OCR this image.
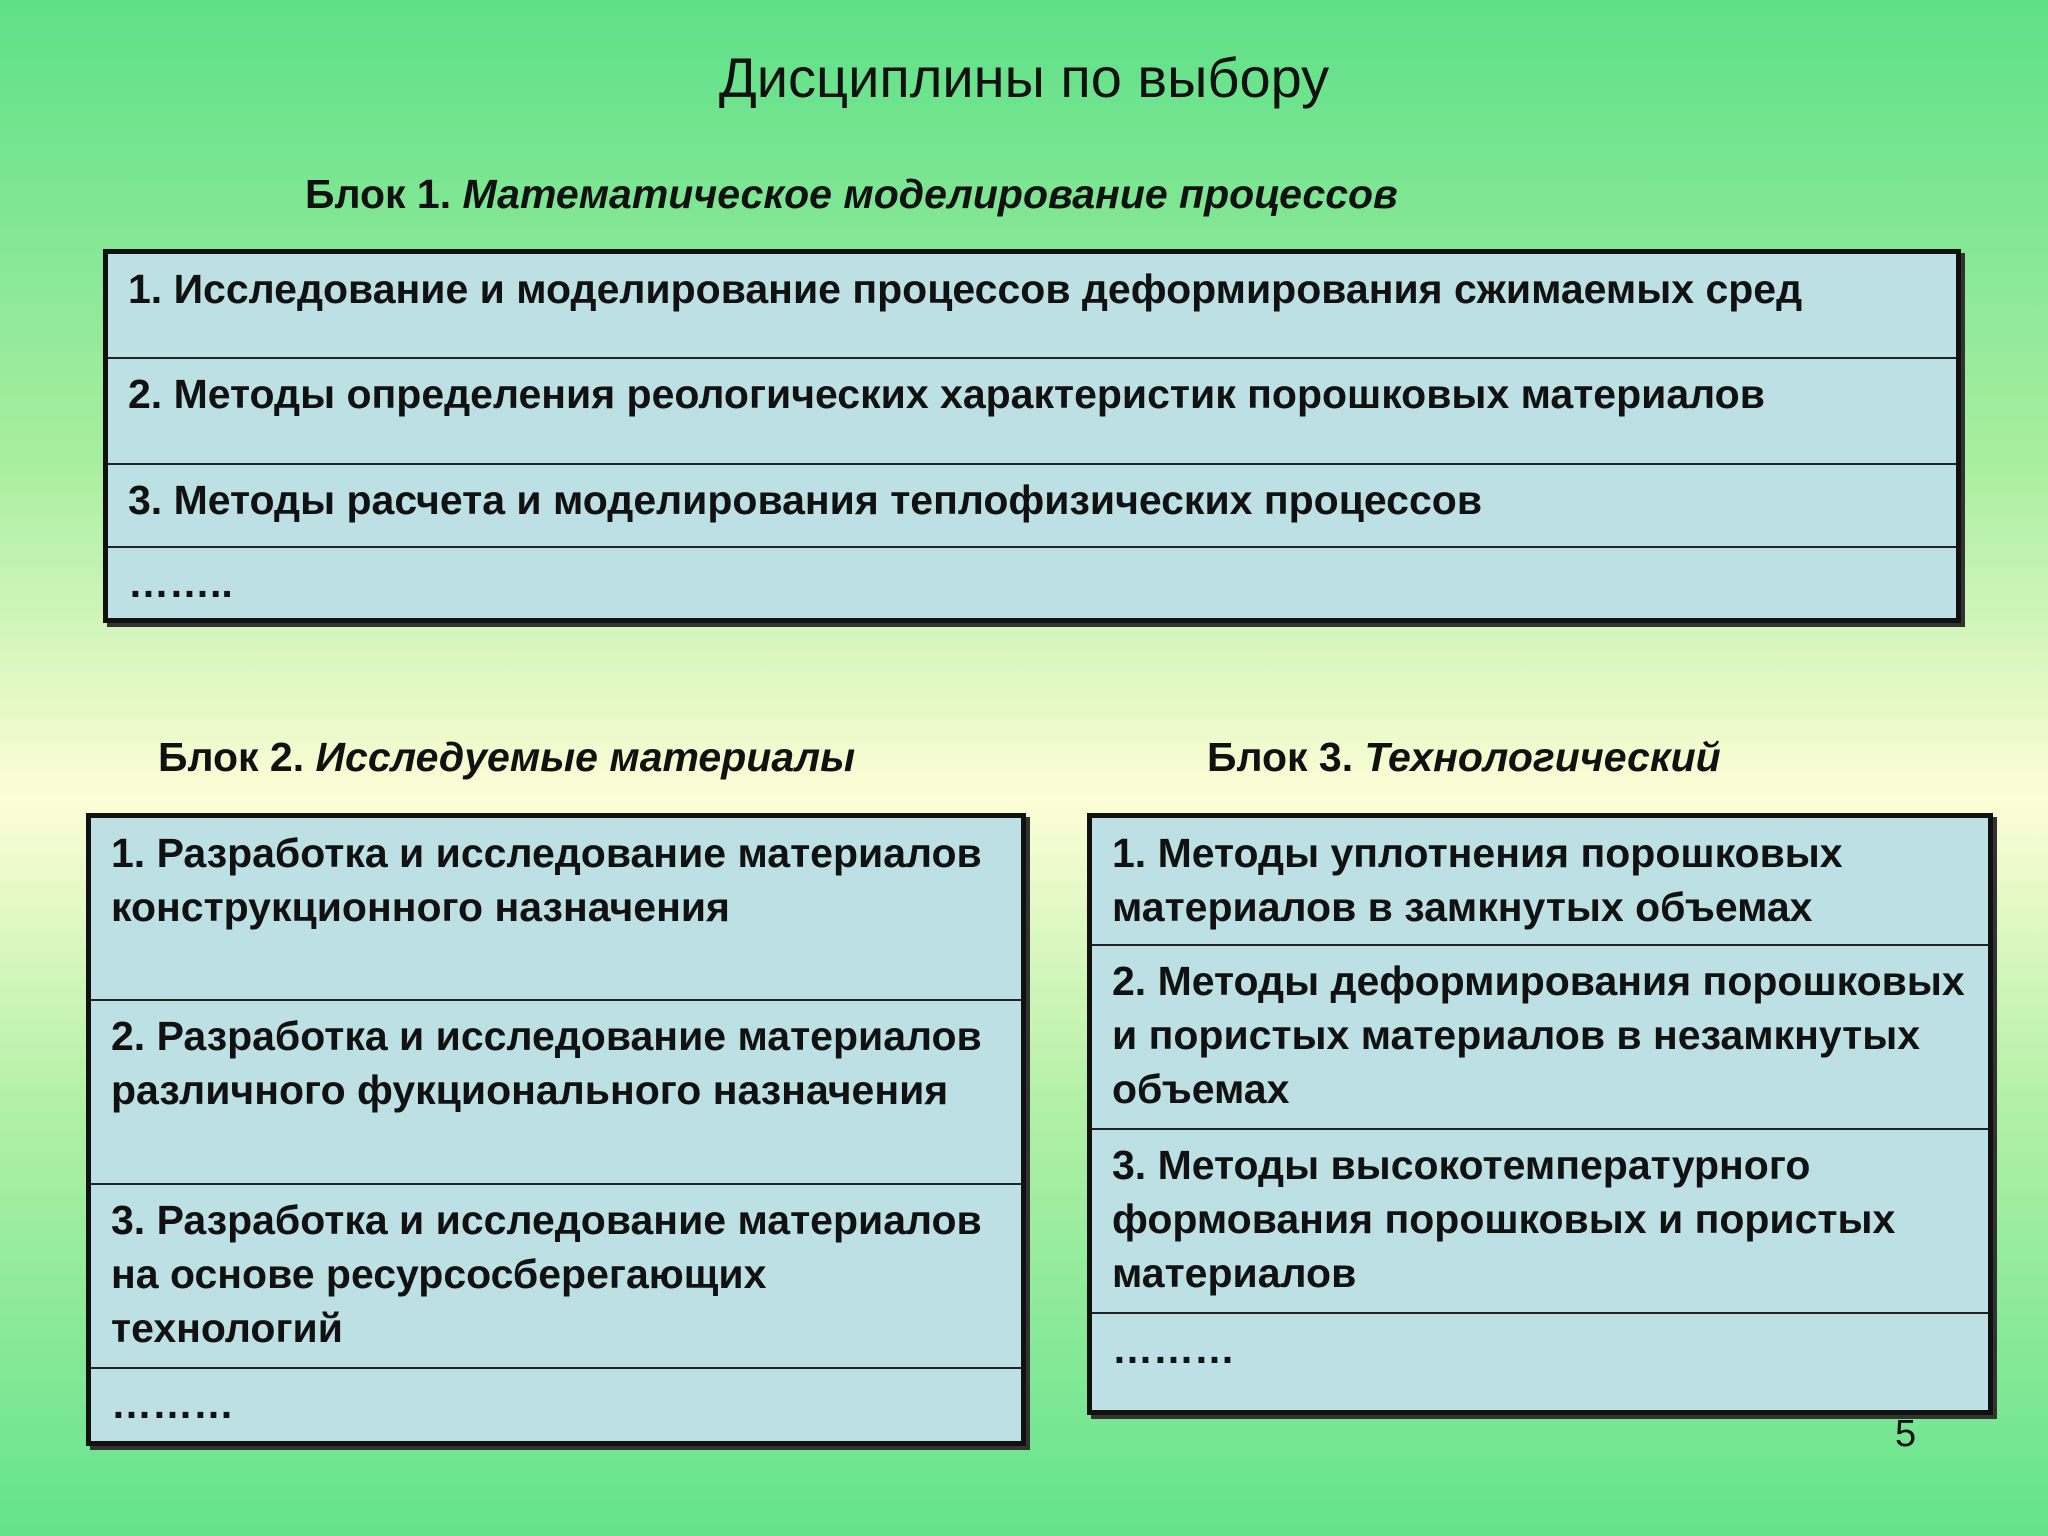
Дисциплины по выбору

Блок 1. Математическое моделирование процессов

1. Исследование и моделирование процессов деформирования сжимаемых сред
2. Методы определения реологических характеристик порошковых материалов
3. Методы расчета и моделирования теплофизических процессов
……..

Блок 2. Исследуемые материалы

1. Разработка и исследование материалов конструкционного назначения
2. Разработка и исследование материалов различного фукционального назначения
3. Разработка и исследование материалов на основе ресурсосберегающих технологий
………

Блок 3. Технологический

1. Методы уплотнения порошковых материалов в замкнутых объемах
2. Методы деформирования порошковых и пористых материалов в незамкнутых объемах
3. Методы высокотемпературного формования порошковых и пористых материалов
………

5
